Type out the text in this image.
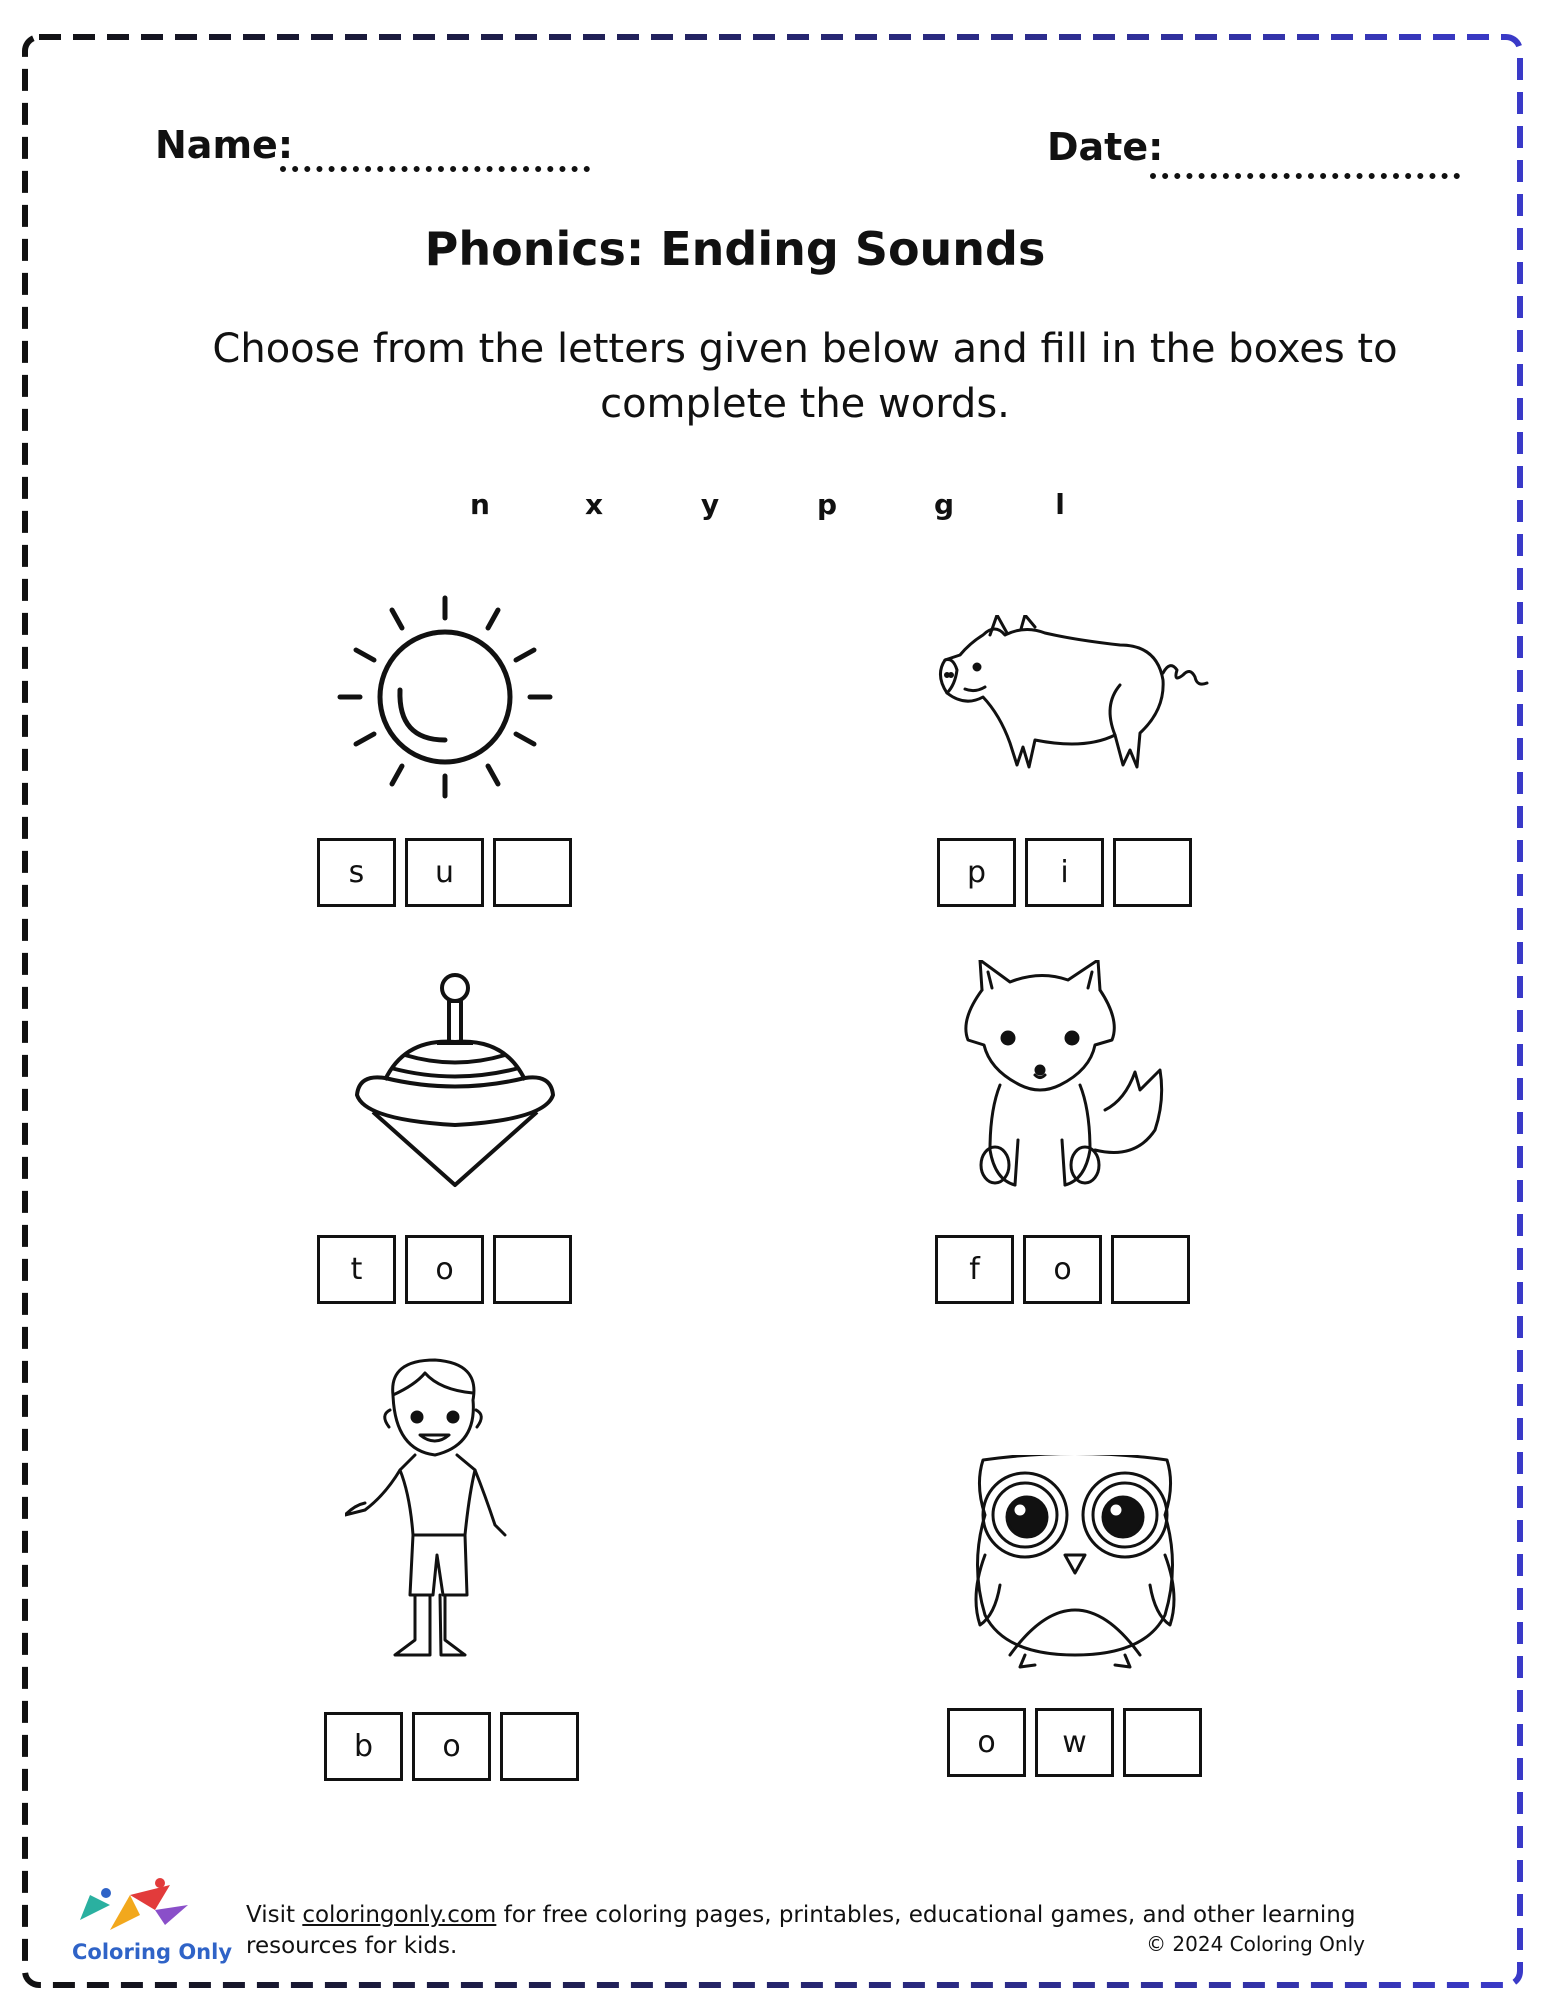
Name:	Date:
Phonics: Ending Sounds
Choose from the letters given below and fill in the boxes to complete the words.
n	x	y	p	g	l
s	u	p	i
t	o	f	o
b	o	o	w
Coloring Only
Visit coloringonly.com for free coloring pages, printables, educational games, and other learning resources for kids.	© 2024 Coloring Only
